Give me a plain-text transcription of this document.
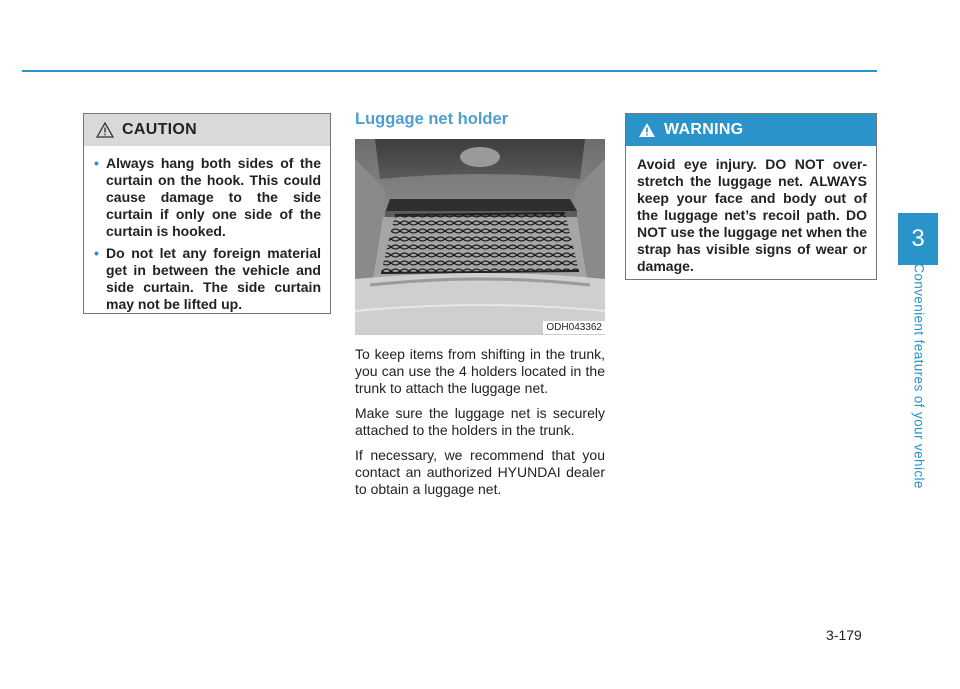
CAUTION
• Always hang both sides of the curtain on the hook. This could cause damage to the side curtain if only one side of the curtain is hooked.
• Do not let any foreign material get in between the vehicle and side curtain. The side curtain may not be lifted up.
Luggage net holder
ODH043362

To keep items from shifting in the trunk, you can use the 4 holders located in the trunk to attach the luggage net.

Make sure the luggage net is securely attached to the holders in the trunk.

If necessary, we recommend that you contact an authorized HYUNDAI dealer to obtain a luggage net.

WARNING
Avoid eye injury. DO NOT over-stretch the luggage net. ALWAYS keep your face and body out of the luggage net’s recoil path. DO NOT use the luggage net when the strap has visible signs of wear or damage.
3
Convenient features of your vehicle
3-179
